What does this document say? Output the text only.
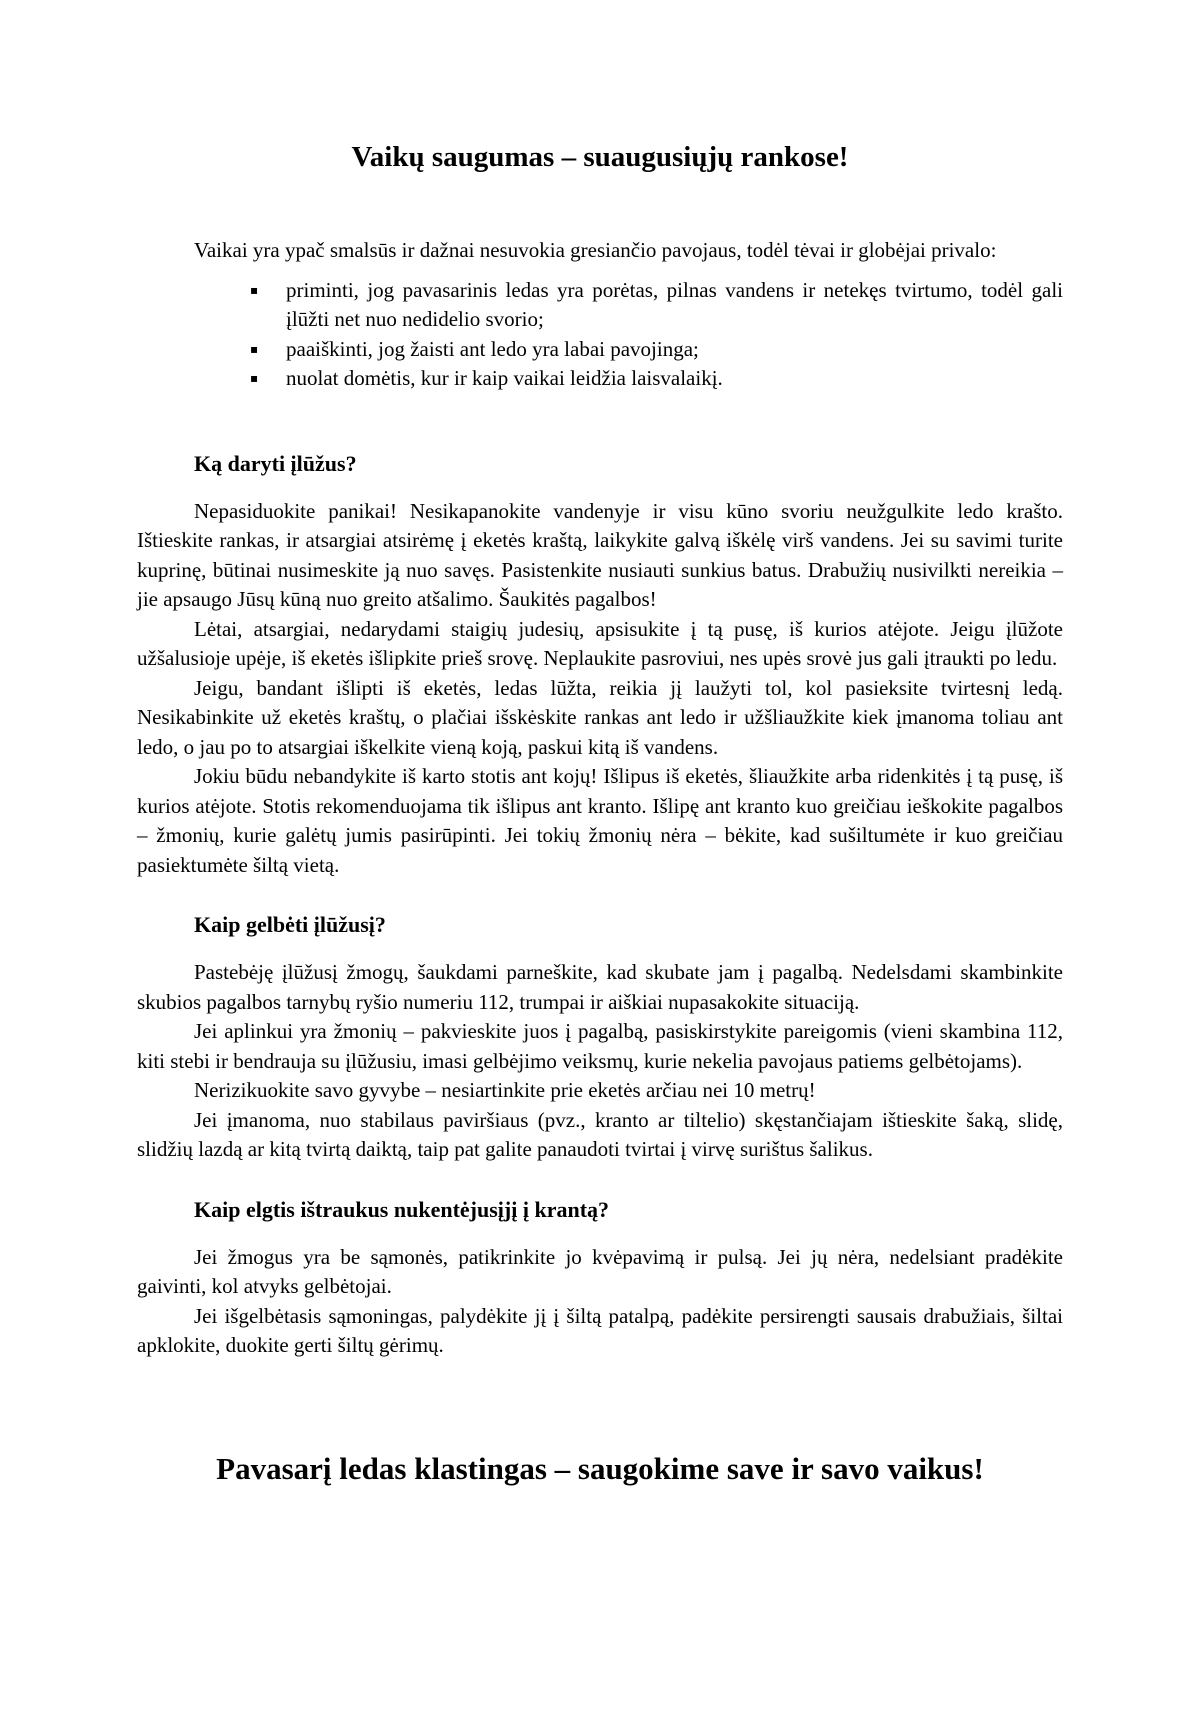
Vaikų saugumas – suaugusiųjų rankose!

Vaikai yra ypač smalsūs ir dažnai nesuvokia gresiančio pavojaus, todėl tėvai ir globėjai privalo:

▪ priminti, jog pavasarinis ledas yra porėtas, pilnas vandens ir netekęs tvirtumo, todėl gali įlūžti net nuo nedidelio svorio;
▪ paaiškinti, jog žaisti ant ledo yra labai pavojinga;
▪ nuolat domėtis, kur ir kaip vaikai leidžia laisvalaikį.
Ką daryti įlūžus?

Nepasiduokite panikai! Nesikapanokite vandenyje ir visu kūno svoriu neužgulkite ledo krašto. Ištieskite rankas, ir atsargiai atsirėmę į eketės kraštą, laikykite galvą iškėlę virš vandens. Jei su savimi turite kuprinę, būtinai nusimeskite ją nuo savęs. Pasistenkite nusiauti sunkius batus. Drabužių nusivilkti nereikia – jie apsaugo Jūsų kūną nuo greito atšalimo. Šaukitės pagalbos!

Lėtai, atsargiai, nedarydami staigių judesių, apsisukite į tą pusę, iš kurios atėjote. Jeigu įlūžote užšalusioje upėje, iš eketės išlipkite prieš srovę. Neplaukite pasroviui, nes upės srovė jus gali įtraukti po ledu.

Jeigu, bandant išlipti iš eketės, ledas lūžta, reikia jį laužyti tol, kol pasieksite tvirtesnį ledą. Nesikabinkite už eketės kraštų, o plačiai išskėskite rankas ant ledo ir užšliaužkite kiek įmanoma toliau ant ledo, o jau po to atsargiai iškelkite vieną koją, paskui kitą iš vandens.

Jokiu būdu nebandykite iš karto stotis ant kojų! Išlipus iš eketės, šliaužkite arba ridenkitės į tą pusę, iš kurios atėjote. Stotis rekomenduojama tik išlipus ant kranto. Išlipę ant kranto kuo greičiau ieškokite pagalbos – žmonių, kurie galėtų jumis pasirūpinti. Jei tokių žmonių nėra – bėkite, kad sušiltumėte ir kuo greičiau pasiektumėte šiltą vietą.

Kaip gelbėti įlūžusį?

Pastebėję įlūžusį žmogų, šaukdami parneškite, kad skubate jam į pagalbą. Nedelsdami skambinkite skubios pagalbos tarnybų ryšio numeriu 112, trumpai ir aiškiai nupasakokite situaciją.

Jei aplinkui yra žmonių – pakvieskite juos į pagalbą, pasiskirstykite pareigomis (vieni skambina 112, kiti stebi ir bendrauja su įlūžusiu, imasi gelbėjimo veiksmų, kurie nekelia pavojaus patiems gelbėtojams).

Nerizikuokite savo gyvybe – nesiartinkite prie eketės arčiau nei 10 metrų!

Jei įmanoma, nuo stabilaus paviršiaus (pvz., kranto ar tiltelio) skęstančiajam ištieskite šaką, slidę, slidžių lazdą ar kitą tvirtą daiktą, taip pat galite panaudoti tvirtai į virvę surištus šalikus.

Kaip elgtis ištraukus nukentėjusįjį į krantą?

Jei žmogus yra be sąmonės, patikrinkite jo kvėpavimą ir pulsą. Jei jų nėra, nedelsiant pradėkite gaivinti, kol atvyks gelbėtojai.

Jei išgelbėtasis sąmoningas, palydėkite jį į šiltą patalpą, padėkite persirengti sausais drabužiais, šiltai apklokite, duokite gerti šiltų gėrimų.

Pavasarį ledas klastingas – saugokime save ir savo vaikus!
